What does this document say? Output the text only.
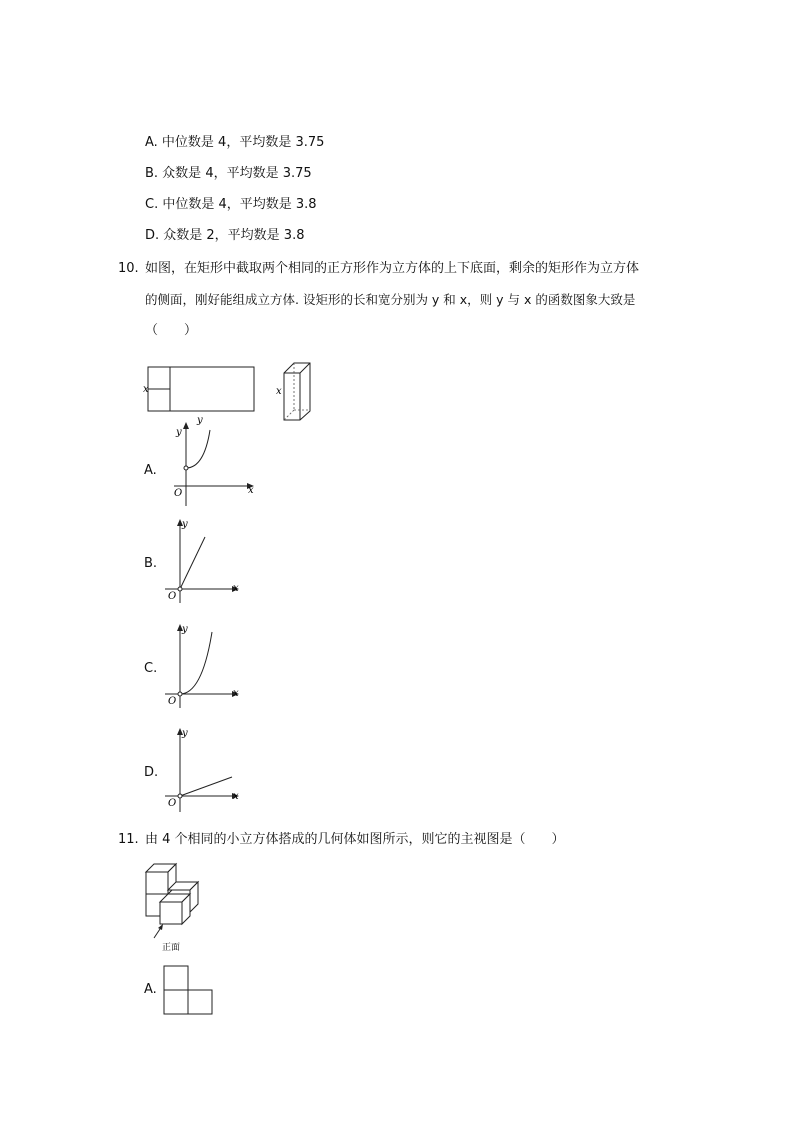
A. 中位数是 4，平均数是 3.75
B. 众数是 4，平均数是 3.75
C. 中位数是 4，平均数是 3.8
D. 众数是 2，平均数是 3.8
10. 如图，在矩形中截取两个相同的正方形作为立方体的上下底面，剩余的矩形作为立方体
的侧面，刚好能组成立方体. 设矩形的长和宽分别为 y 和 x，则 y 与 x 的函数图象大致是
（　　）
x
y
x
A.
y
x
O
B.
y
x
O
C.
y
x
O
D.
y
x
O
11. 由 4 个相同的小立方体搭成的几何体如图所示，则它的主视图是（　　）
正面
A.
